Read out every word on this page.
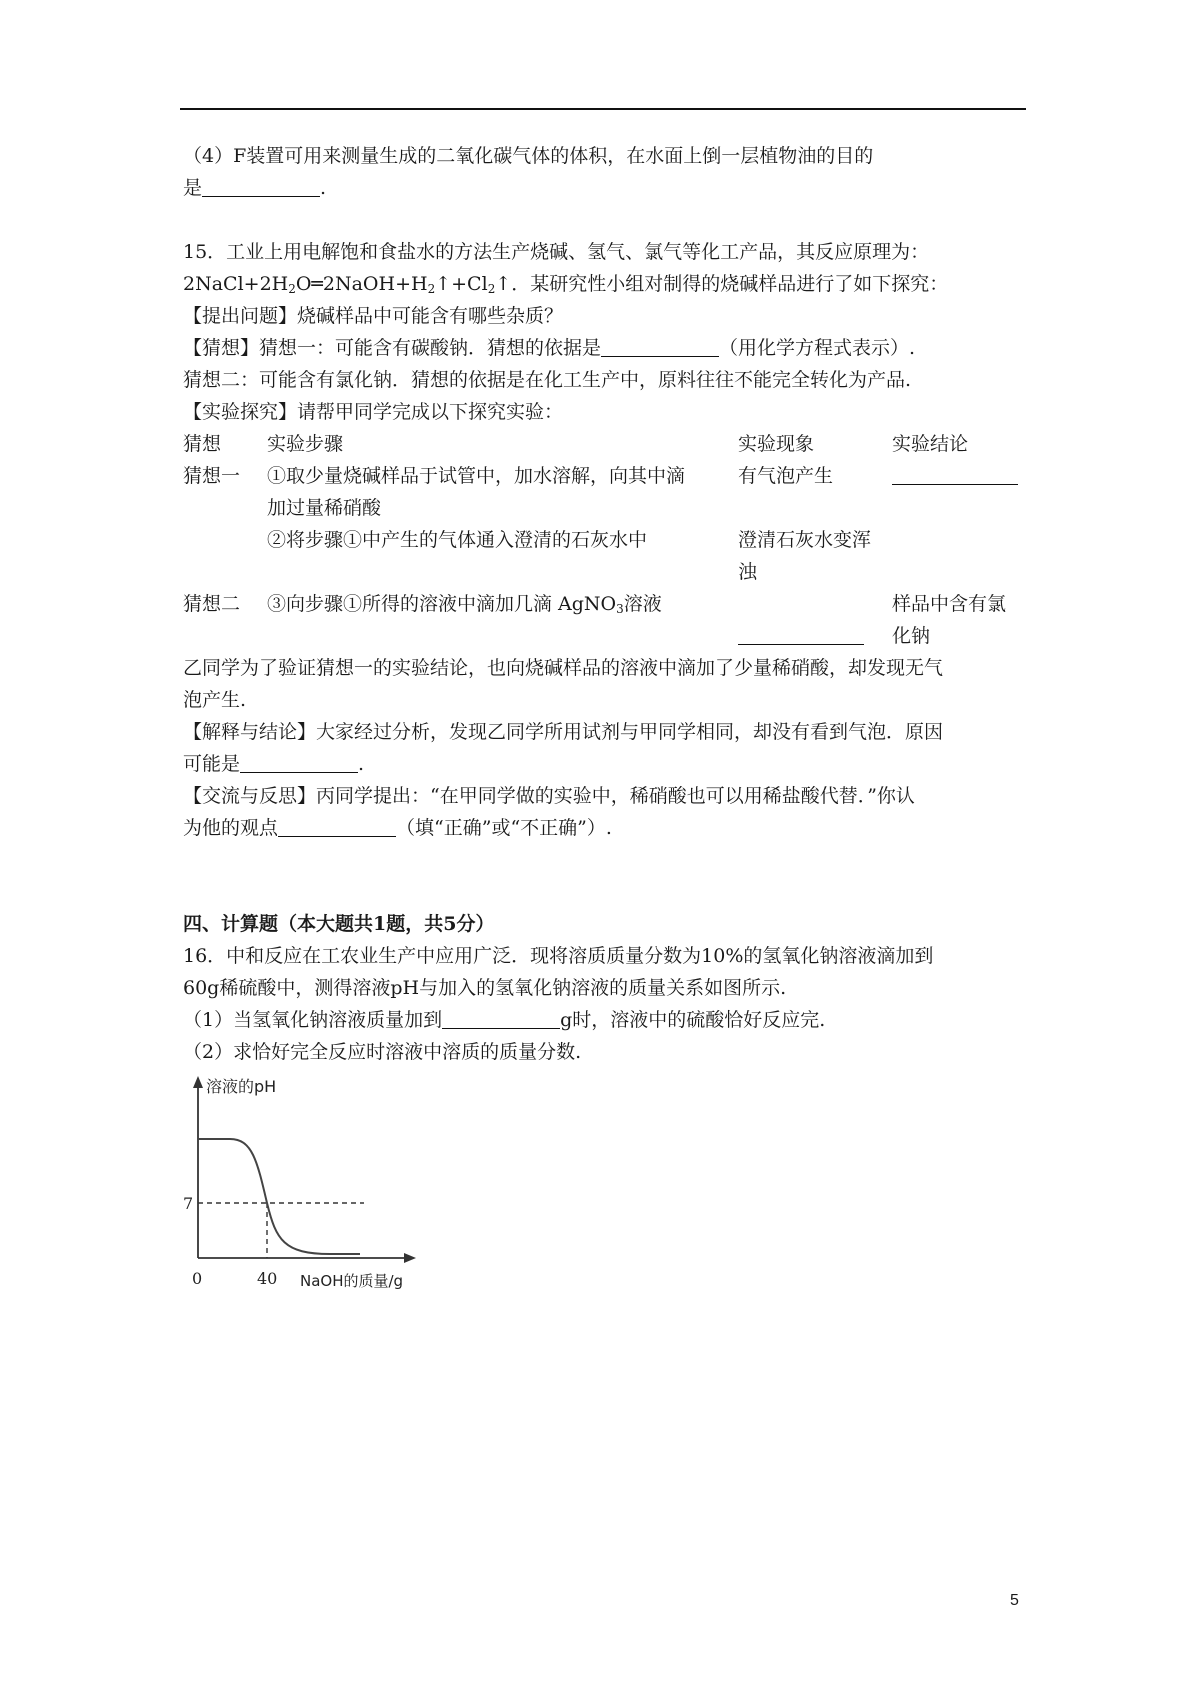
（4）F装置可用来测量生成的二氧化碳气体的体积，在水面上倒一层植物油的目的
是	.
15．工业上用电解饱和食盐水的方法生产烧碱、氢气、氯气等化工产品，其反应原理为：
$2NaCl+2H_2O═2NaOH+H_2↑+Cl_2↑$．某研究性小组对制得的烧碱样品进行了如下探究：
【提出问题】烧碱样品中可能含有哪些杂质？
【猜想】猜想一：可能含有碳酸钠．猜想的依据是	（用化学方程式表示）.
猜想二：可能含有氯化钠．猜想的依据是在化工生产中，原料往往不能完全转化为产品.
【实验探究】请帮甲同学完成以下探究实验：
猜想	实验步骤	实验现象	实验结论
猜想一	①取少量烧碱样品于试管中，加水溶解，向其中滴
加过量稀硝酸	有气泡产生	
	②将步骤①中产生的气体通入澄清的石灰水中	澄清石灰水变浑
浊	

猜想二	③向步骤①所得的溶液中滴加几滴 AgNO$_3$溶液		样品中含有氯
化钠
乙同学为了验证猜想一的实验结论，也向烧碱样品的溶液中滴加了少量稀硝酸，却发现无气
泡产生.
【解释与结论】大家经过分析，发现乙同学所用试剂与甲同学相同，却没有看到气泡．原因
可能是	.
【交流与反思】丙同学提出：“在甲同学做的实验中，稀硝酸也可以用稀盐酸代替．”你认
为他的观点	（填“正确”或“不正确”）.
四、计算题（本大题共1题，共5分）
16．中和反应在工农业生产中应用广泛．现将溶质质量分数为10%的氢氧化钠溶液滴加到
60g稀硫酸中，测得溶液pH与加入的氢氧化钠溶液的质量关系如图所示.
（1）当氢氧化钠溶液质量加到	g时，溶液中的硫酸恰好反应完.
（2）求恰好完全反应时溶液中溶质的质量分数.
溶液的pH
7
0	40 NaOH的质量/g
5
